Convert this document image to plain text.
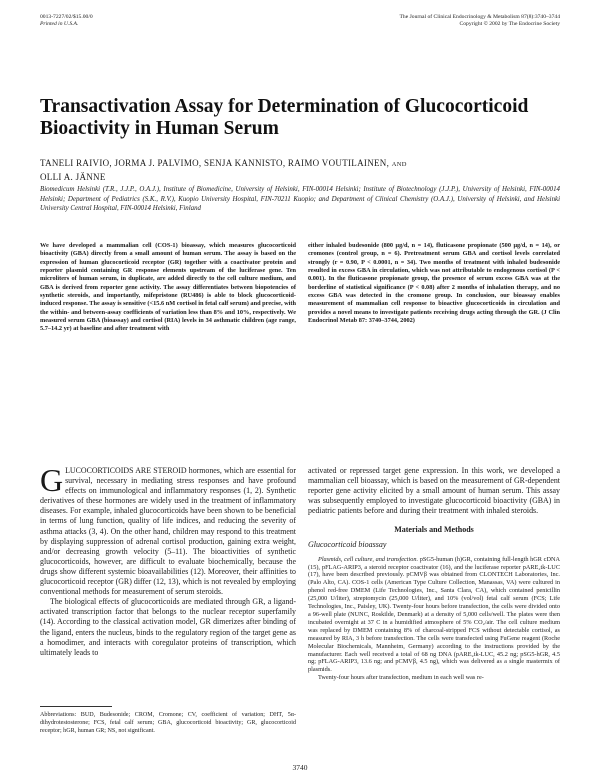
0013-7227/02/$15.00/0
Printed in U.S.A.
The Journal of Clinical Endocrinology & Metabolism 87(8):3740–3744
Copyright © 2002 by The Endocrine Society
Transactivation Assay for Determination of Glucocorticoid Bioactivity in Human Serum
TANELI RAIVIO, JORMA J. PALVIMO, SENJA KANNISTO, RAIMO VOUTILAINEN, AND
OLLI A. JÄNNE
Biomedicum Helsinki (T.R., J.J.P., O.A.J.), Institute of Biomedicine, University of Helsinki, FIN-00014 Helsinki; Institute of Biotechnology (J.J.P.), University of Helsinki, FIN-00014 Helsinki; Department of Pediatrics (S.K., R.V.), Kuopio University Hospital, FIN-70211 Kuopio; and Department of Clinical Chemistry (O.A.J.), University of Helsinki, and Helsinki University Central Hospital, FIN-00014 Helsinki, Finland
We have developed a mammalian cell (COS-1) bioassay, which measures glucocorticoid bioactivity (GBA) directly from a small amount of human serum. The assay is based on the expression of human glucocorticoid receptor (GR) together with a coactivator protein and reporter plasmid containing GR response elements upstream of the luciferase gene. Ten microliters of human serum, in duplicate, are added directly to the cell culture medium, and GBA is derived from reporter gene activity. The assay differentiates between biopotencies of synthetic steroids, and importantly, mifepristone (RU486) is able to block glucocorticoid-induced response. The assay is sensitive (<15.6 nM cortisol in fetal calf serum) and precise, with the within- and between-assay coefficients of variation less than 8% and 10%, respectively. We measured serum GBA (bioassay) and cortisol (RIA) levels in 34 asthmatic children (age range, 5.7–14.2 yr) at baseline and after treatment with
either inhaled budesonide (800 μg/d, n = 14), fluticasone propionate (500 μg/d, n = 14), or cromones (control group, n = 6). Pretreatment serum GBA and cortisol levels correlated strongly (r = 0.90, P < 0.0001, n = 34). Two months of treatment with inhaled budesonide resulted in excess GBA in circulation, which was not attributable to endogenous cortisol (P < 0.001). In the fluticasone propionate group, the presence of serum excess GBA was at the borderline of statistical significance (P < 0.08) after 2 months of inhalation therapy, and no excess GBA was detected in the cromone group. In conclusion, our bioassay enables measurement of mammalian cell response to bioactive glucocorticoids in circulation and provides a novel means to investigate patients receiving drugs acting through the GR. (J Clin Endocrinol Metab 87: 3740–3744, 2002)

GLUCOCORTICOIDS ARE STEROID hormones, which are essential for survival, necessary in mediating stress responses and have profound effects on immunological and inflammatory responses (1, 2). Synthetic derivatives of these hormones are widely used in the treatment of inflammatory diseases. For example, inhaled glucocorticoids have been shown to be beneficial in terms of lung function, quality of life indices, and reducing the severity of asthma attacks (3, 4). On the other hand, children may respond to this treatment by displaying suppression of adrenal cortisol production, gaining extra weight, and/or decreasing growth velocity (5–11). The bioactivities of synthetic glucocorticoids, however, are difficult to evaluate biochemically, because the drugs show different systemic bioavailabilities (12). Moreover, their affinities to glucocorticoid receptor (GR) differ (12, 13), which is not revealed by employing conventional methods for measurement of serum steroids.

The biological effects of glucocorticoids are mediated through GR, a ligand-activated transcription factor that belongs to the nuclear receptor superfamily (14). According to the classical activation model, GR dimerizes after binding of the ligand, enters the nucleus, binds to the regulatory region of the target gene as a homodimer, and interacts with coregulator proteins of transcription, which ultimately leads to

activated or repressed target gene expression. In this work, we developed a mammalian cell bioassay, which is based on the measurement of GR-dependent reporter gene activity elicited by a small amount of human serum. This assay was subsequently employed to investigate glucocorticoid bioactivity (GBA) in pediatric patients before and during their treatment with inhaled steroids.

Materials and Methods
Glucocorticoid bioassay

Plasmids, cell culture, and transfection. pSG5-human (h)GR, containing full-length hGR cDNA (15), pFLAG-ARIP3, a steroid receptor coactivator (16), and the luciferase reporter pARE₂tk-LUC (17), have been described previously. pCMVβ was obtained from CLONTECH Laboratories, Inc. (Palo Alto, CA). COS-1 cells (American Type Culture Collection, Manassas, VA) were cultured in phenol red-free DMEM (Life Technologies, Inc., Santa Clara, CA), which contained penicillin (25,000 U/liter), streptomycin (25,000 U/liter), and 10% (vol/vol) fetal calf serum (FCS; Life Technologies, Inc., Paisley, UK). Twenty-four hours before transfection, the cells were divided onto a 96-well plate (NUNC, Roskilde, Denmark) at a density of 5,000 cells/well. The plates were then incubated overnight at 37 C in a humidified atmosphere of 5% CO₂/air. The cell culture medium was replaced by DMEM containing 8% of charcoal-stripped FCS without detectable cortisol, as measured by RIA, 3 h before transfection. The cells were transfected using FuGene reagent (Roche Molecular Biochemicals, Mannheim, Germany) according to the instructions provided by the manufacturer. Each well received a total of 68 ng DNA (pARE₂tk-LUC, 45.2 ng; pSG5-hGR, 4.5 ng; pFLAG-ARIP3, 13.6 ng; and pCMVβ, 4.5 ng), which was delivered as a single mastermix of plasmids.

Twenty-four hours after transfection, medium in each well was re-

Abbreviations: BUD, Budesonide; CROM, Cromone; CV, coefficient of variation; DHT, 5α-dihydrotestosterone; FCS, fetal calf serum; GBA, glucocorticoid bioactivity; GR, glucocorticoid receptor; hGR, human GR; NS, not significant.
3740
